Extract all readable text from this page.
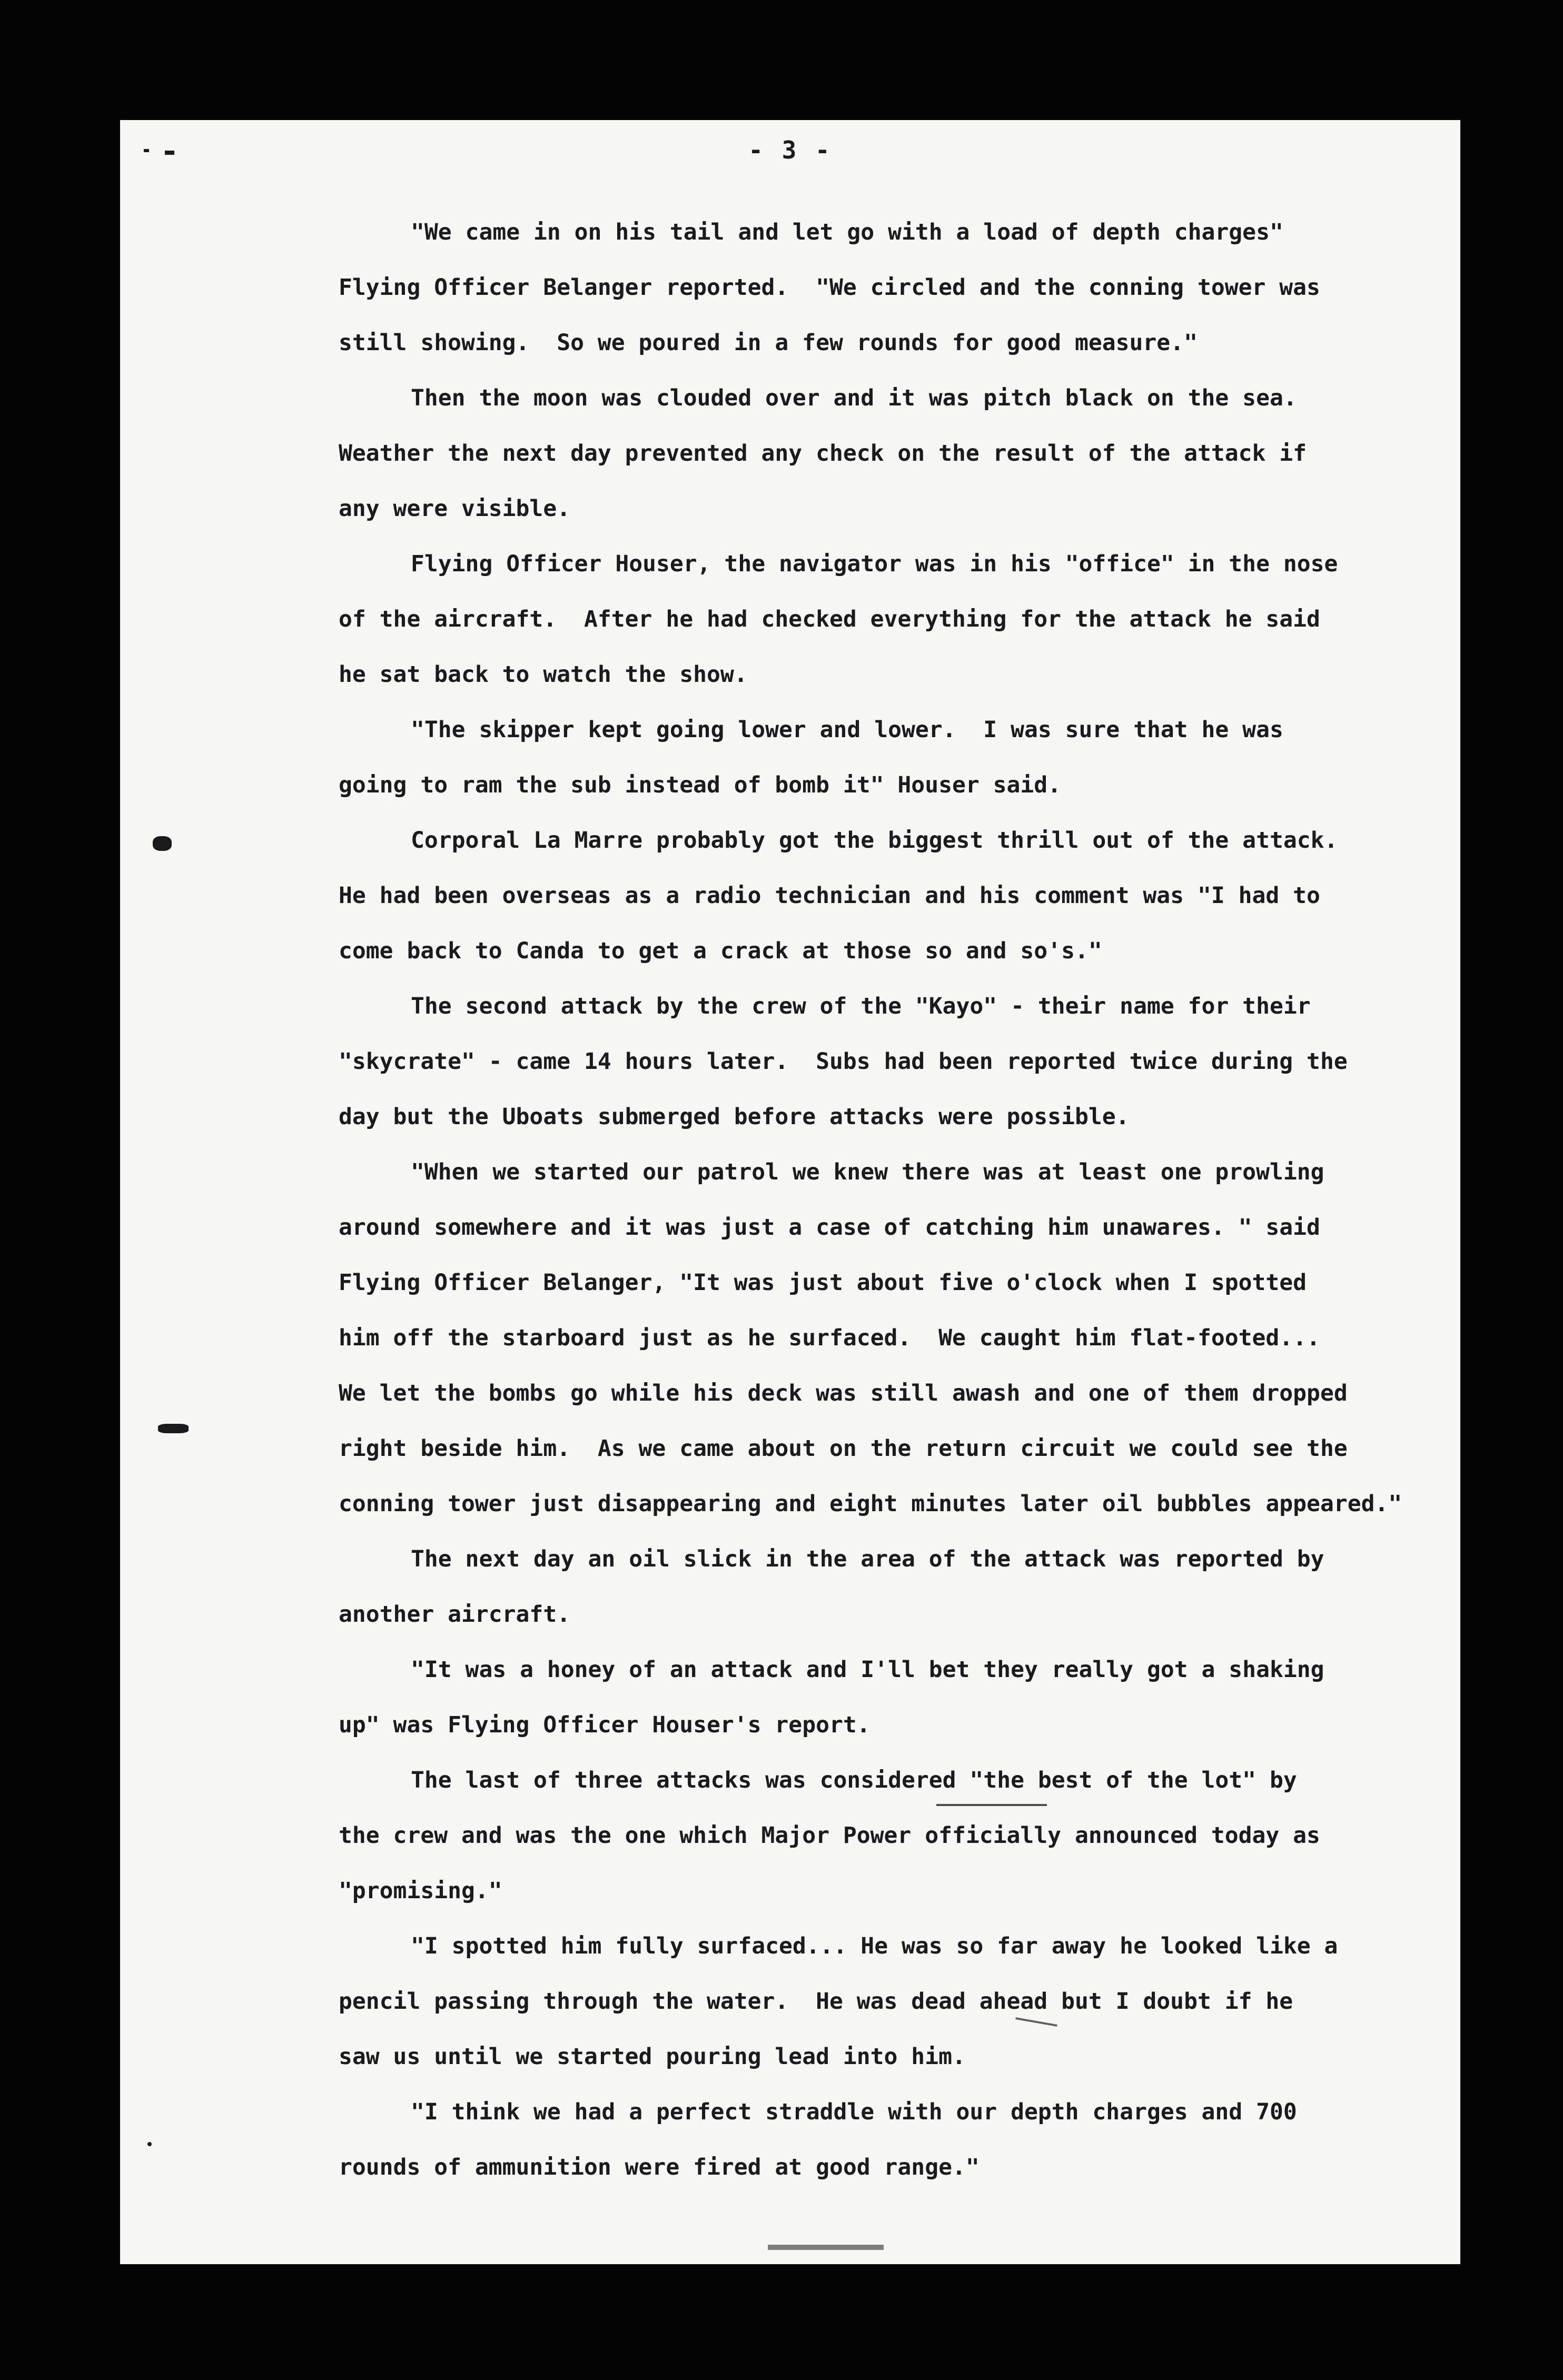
- 3 -
"We came in on his tail and let go with a load of depth charges"
Flying Officer Belanger reported.  "We circled and the conning tower was
still showing.  So we poured in a few rounds for good measure."
Then the moon was clouded over and it was pitch black on the sea.
Weather the next day prevented any check on the result of the attack if
any were visible.
Flying Officer Houser, the navigator was in his "office" in the nose
of the aircraft.  After he had checked everything for the attack he said
he sat back to watch the show.
"The skipper kept going lower and lower.  I was sure that he was
going to ram the sub instead of bomb it" Houser said.
Corporal La Marre probably got the biggest thrill out of the attack.
He had been overseas as a radio technician and his comment was "I had to
come back to Canda to get a crack at those so and so's."
The second attack by the crew of the "Kayo" - their name for their
"skycrate" - came 14 hours later.  Subs had been reported twice during the
day but the Uboats submerged before attacks were possible.
"When we started our patrol we knew there was at least one prowling
around somewhere and it was just a case of catching him unawares. " said
Flying Officer Belanger, "It was just about five o'clock when I spotted
him off the starboard just as he surfaced.  We caught him flat-footed...
We let the bombs go while his deck was still awash and one of them dropped
right beside him.  As we came about on the return circuit we could see the
conning tower just disappearing and eight minutes later oil bubbles appeared."
The next day an oil slick in the area of the attack was reported by
another aircraft.
"It was a honey of an attack and I'll bet they really got a shaking
up" was Flying Officer Houser's report.
The last of three attacks was considered "the best of the lot" by
the crew and was the one which Major Power officially announced today as
"promising."
"I spotted him fully surfaced... He was so far away he looked like a
pencil passing through the water.  He was dead ahead but I doubt if he
saw us until we started pouring lead into him.
"I think we had a perfect straddle with our depth charges and 700
rounds of ammunition were fired at good range."
